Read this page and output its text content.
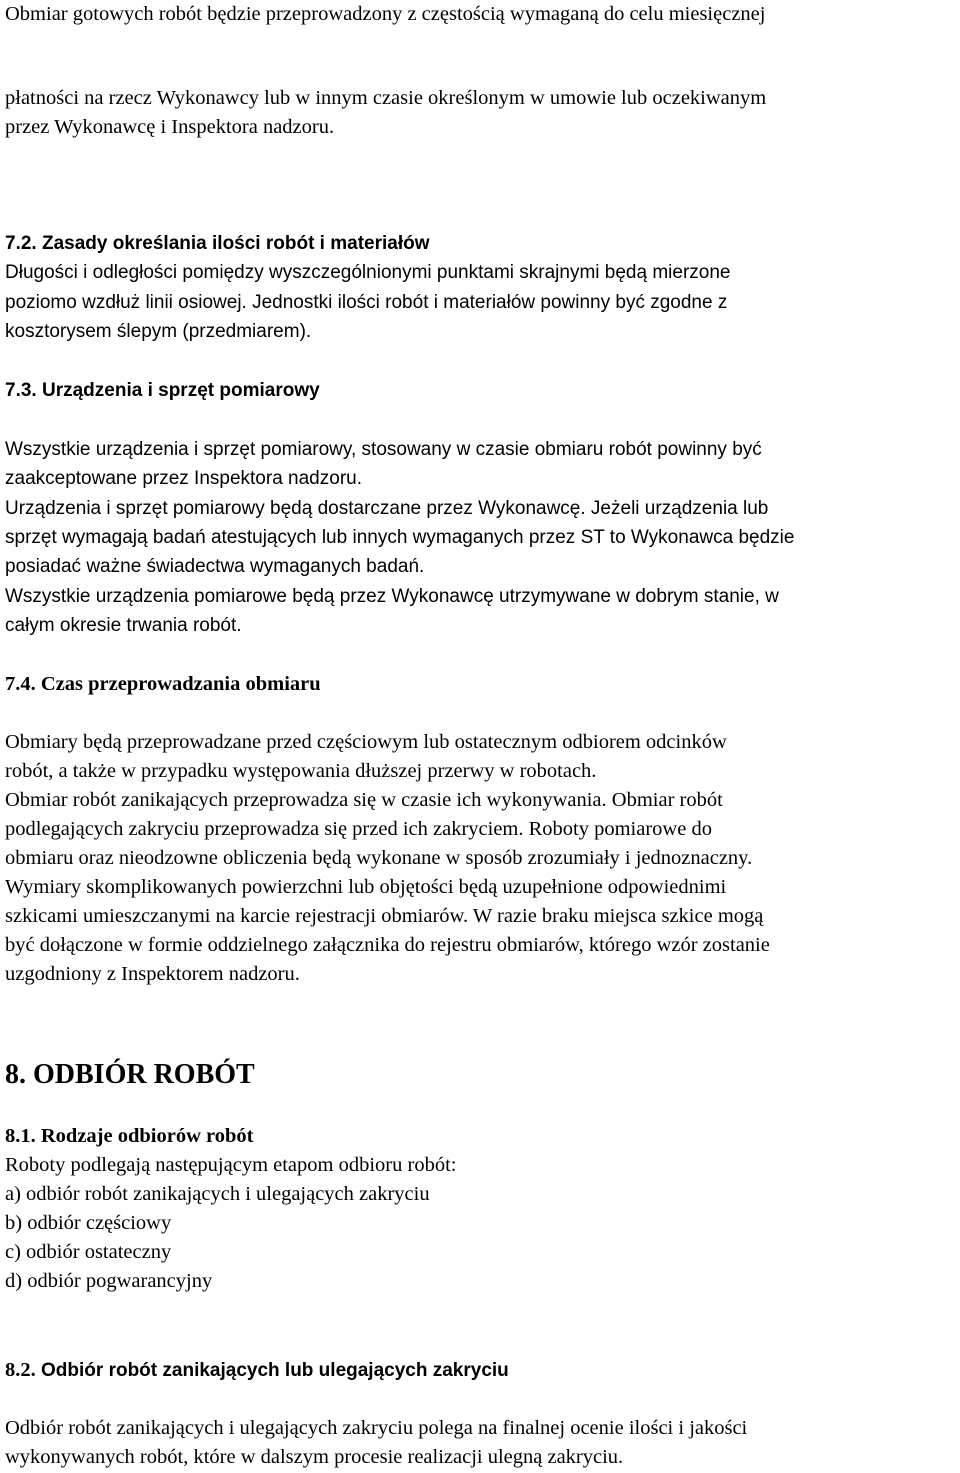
Obmiar gotowych robót będzie przeprowadzony z częstością wymaganą do celu miesięcznej
płatności na rzecz Wykonawcy lub w innym czasie określonym w umowie lub oczekiwanym
przez Wykonawcę i Inspektora nadzoru.
7.2. Zasady określania ilości robót i materiałów
Długości i odległości pomiędzy wyszczególnionymi punktami skrajnymi będą mierzone
poziomo wzdłuż linii osiowej. Jednostki ilości robót i materiałów powinny być zgodne z
kosztorysem ślepym (przedmiarem).
7.3. Urządzenia i sprzęt pomiarowy
Wszystkie urządzenia i sprzęt pomiarowy, stosowany w czasie obmiaru robót powinny być
zaakceptowane przez Inspektora nadzoru.
Urządzenia i sprzęt pomiarowy będą dostarczane przez Wykonawcę. Jeżeli urządzenia lub
sprzęt wymagają badań atestujących lub innych wymaganych przez ST to Wykonawca będzie
posiadać ważne świadectwa wymaganych badań.
Wszystkie urządzenia pomiarowe będą przez Wykonawcę utrzymywane w dobrym stanie, w
całym okresie trwania robót.
7.4. Czas przeprowadzania obmiaru
Obmiary będą przeprowadzane przed częściowym lub ostatecznym odbiorem odcinków
robót, a także w przypadku występowania dłuższej przerwy w robotach.
Obmiar robót zanikających przeprowadza się w czasie ich wykonywania. Obmiar robót
podlegających zakryciu przeprowadza się przed ich zakryciem. Roboty pomiarowe do
obmiaru oraz nieodzowne obliczenia będą wykonane w sposób zrozumiały i jednoznaczny.
Wymiary skomplikowanych powierzchni lub objętości będą uzupełnione odpowiednimi
szkicami umieszczanymi na karcie rejestracji obmiarów. W razie braku miejsca szkice mogą
być dołączone w formie oddzielnego załącznika do rejestru obmiarów, którego wzór zostanie
uzgodniony z Inspektorem nadzoru.
8. ODBIÓR ROBÓT
8.1. Rodzaje odbiorów robót
Roboty podlegają następującym etapom odbioru robót:
a) odbiór robót zanikających i ulegających zakryciu
b) odbiór częściowy
c) odbiór ostateczny
d) odbiór pogwarancyjny
8.2. Odbiór robót zanikających lub ulegających zakryciu
Odbiór robót zanikających i ulegających zakryciu polega na finalnej ocenie ilości i jakości
wykonywanych robót, które w dalszym procesie realizacji ulegną zakryciu.
